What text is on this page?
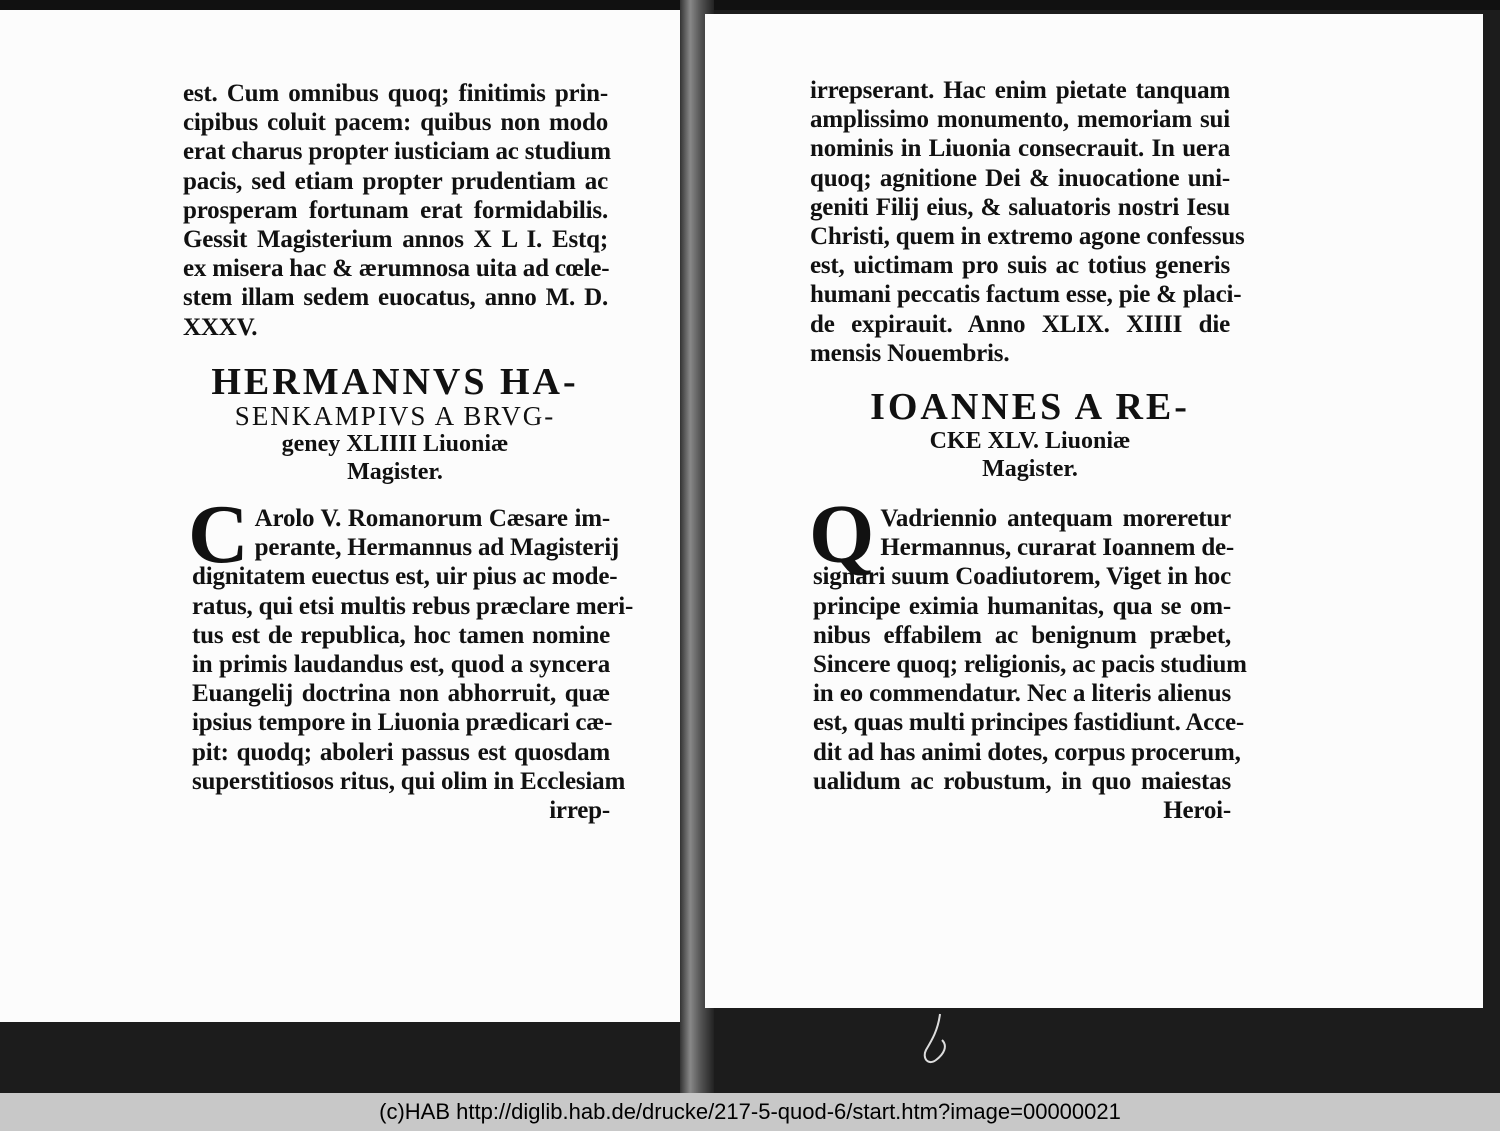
est. Cum omnibus quoq; finitimis prin-
cipibus coluit pacem: quibus non modo
erat charus propter iusticiam ac studium
pacis, sed etiam propter prudentiam ac
prosperam fortunam erat formidabilis.
Gessit Magisterium annos X L I. Estq;
ex misera hac & ærumnosa uita ad cœle-
stem illam sedem euocatus, anno M. D.
XXXV.
HERMANNVS HA-
SENKAMPIVS A BRVG-
geney XLIIII Liuoniæ
Magister.
C Arolo V. Romanorum Cæsare im-
perante, Hermannus ad Magisterij
dignitatem euectus est, uir pius ac mode-
ratus, qui etsi multis rebus præclare meri-
tus est de republica, hoc tamen nomine
in primis laudandus est, quod a syncera
Euangelij doctrina non abhorruit, quæ
ipsius tempore in Liuonia prædicari cæ-
pit: quodq; aboleri passus est quosdam
superstitiosos ritus, qui olim in Ecclesiam
irrep-
irrepserant. Hac enim pietate tanquam
amplissimo monumento, memoriam sui
nominis in Liuonia consecrauit. In uera
quoq; agnitione Dei & inuocatione uni-
geniti Filij eius, & saluatoris nostri Iesu
Christi, quem in extremo agone confessus
est, uictimam pro suis ac totius generis
humani peccatis factum esse, pie & placi-
de expirauit. Anno XLIX. XIIII die
mensis Nouembris.
IOANNES A RE-
CKE XLV. Liuoniæ
Magister.
Q Vadriennio antequam moreretur
Hermannus, curarat Ioannem de-
signari suum Coadiutorem, Viget in hoc
principe eximia humanitas, qua se om-
nibus effabilem ac benignum præbet,
Sincere quoq; religionis, ac pacis studium
in eo commendatur. Nec a literis alienus
est, quas multi principes fastidiunt. Acce-
dit ad has animi dotes, corpus procerum,
ualidum ac robustum, in quo maiestas
Heroi-
(c)HAB http://diglib.hab.de/drucke/217-5-quod-6/start.htm?image=00000021
